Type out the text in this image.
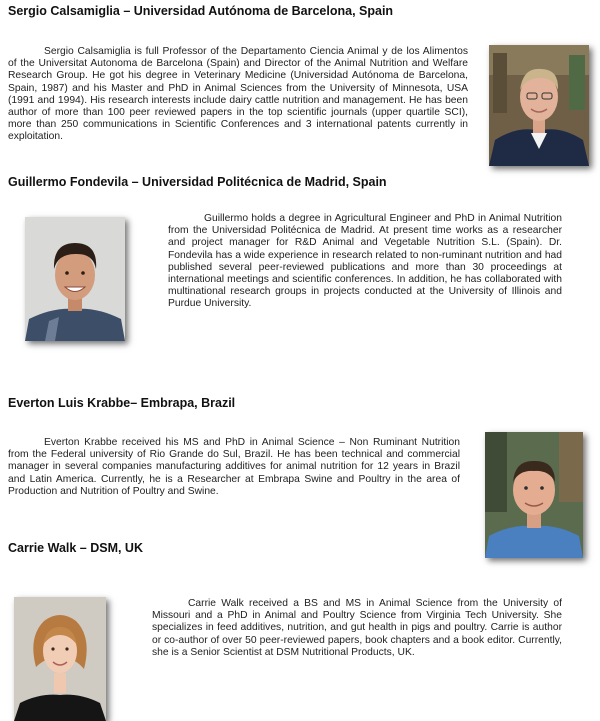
Sergio Calsamiglia – Universidad Autónoma de Barcelona, Spain

Sergio Calsamiglia is full Professor of the Departamento Ciencia Animal y de los Alimentos of the Universitat Autonoma de Barcelona (Spain) and Director of the Animal Nutrition and Welfare Research Group. He got his degree in Veterinary Medicine (Universidad Autónoma de Barcelona, Spain, 1987) and his Master and PhD in Animal Sciences from the University of Minnesota, USA (1991 and 1994). His research interests include dairy cattle nutrition and management. He has been author of more than 100 peer reviewed papers in the top scientific journals (upper quartile SCI), more than 250 communications in Scientific Conferences and 3 international patents currently in exploitation.

Guillermo Fondevila – Universidad Politécnica de Madrid, Spain

Guillermo holds a degree in Agricultural Engineer and PhD in Animal Nutrition from the Universidad Politécnica de Madrid. At present time works as a researcher and project manager for R&D Animal and Vegetable Nutrition S.L. (Spain). Dr. Fondevila has a wide experience in research related to non-ruminant nutrition and had published several peer-reviewed publications and more than 30 proceedings at international meetings and scientific conferences. In addition, he has collaborated with multinational research groups in projects conducted at the University of Illinois and Purdue University.

Everton Luis Krabbe– Embrapa, Brazil

Everton Krabbe received his MS and PhD in Animal Science – Non Ruminant Nutrition from the Federal university of Rio Grande do Sul, Brazil. He has been technical and commercial manager in several companies manufacturing additives for animal nutrition for 12 years in Brazil and Latin America. Currently, he is a Researcher at Embrapa Swine and Poultry in the area of Production and Nutrition of Poultry and Swine.

Carrie Walk – DSM, UK

Carrie Walk received a BS and MS in Animal Science from the University of Missouri and a PhD in Animal and Poultry Science from Virginia Tech University. She specializes in feed additives, nutrition, and gut health in pigs and poultry. Carrie is author or co-author of over 50 peer-reviewed papers, book chapters and a book editor. Currently, she is a Senior Scientist at DSM Nutritional Products, UK.
